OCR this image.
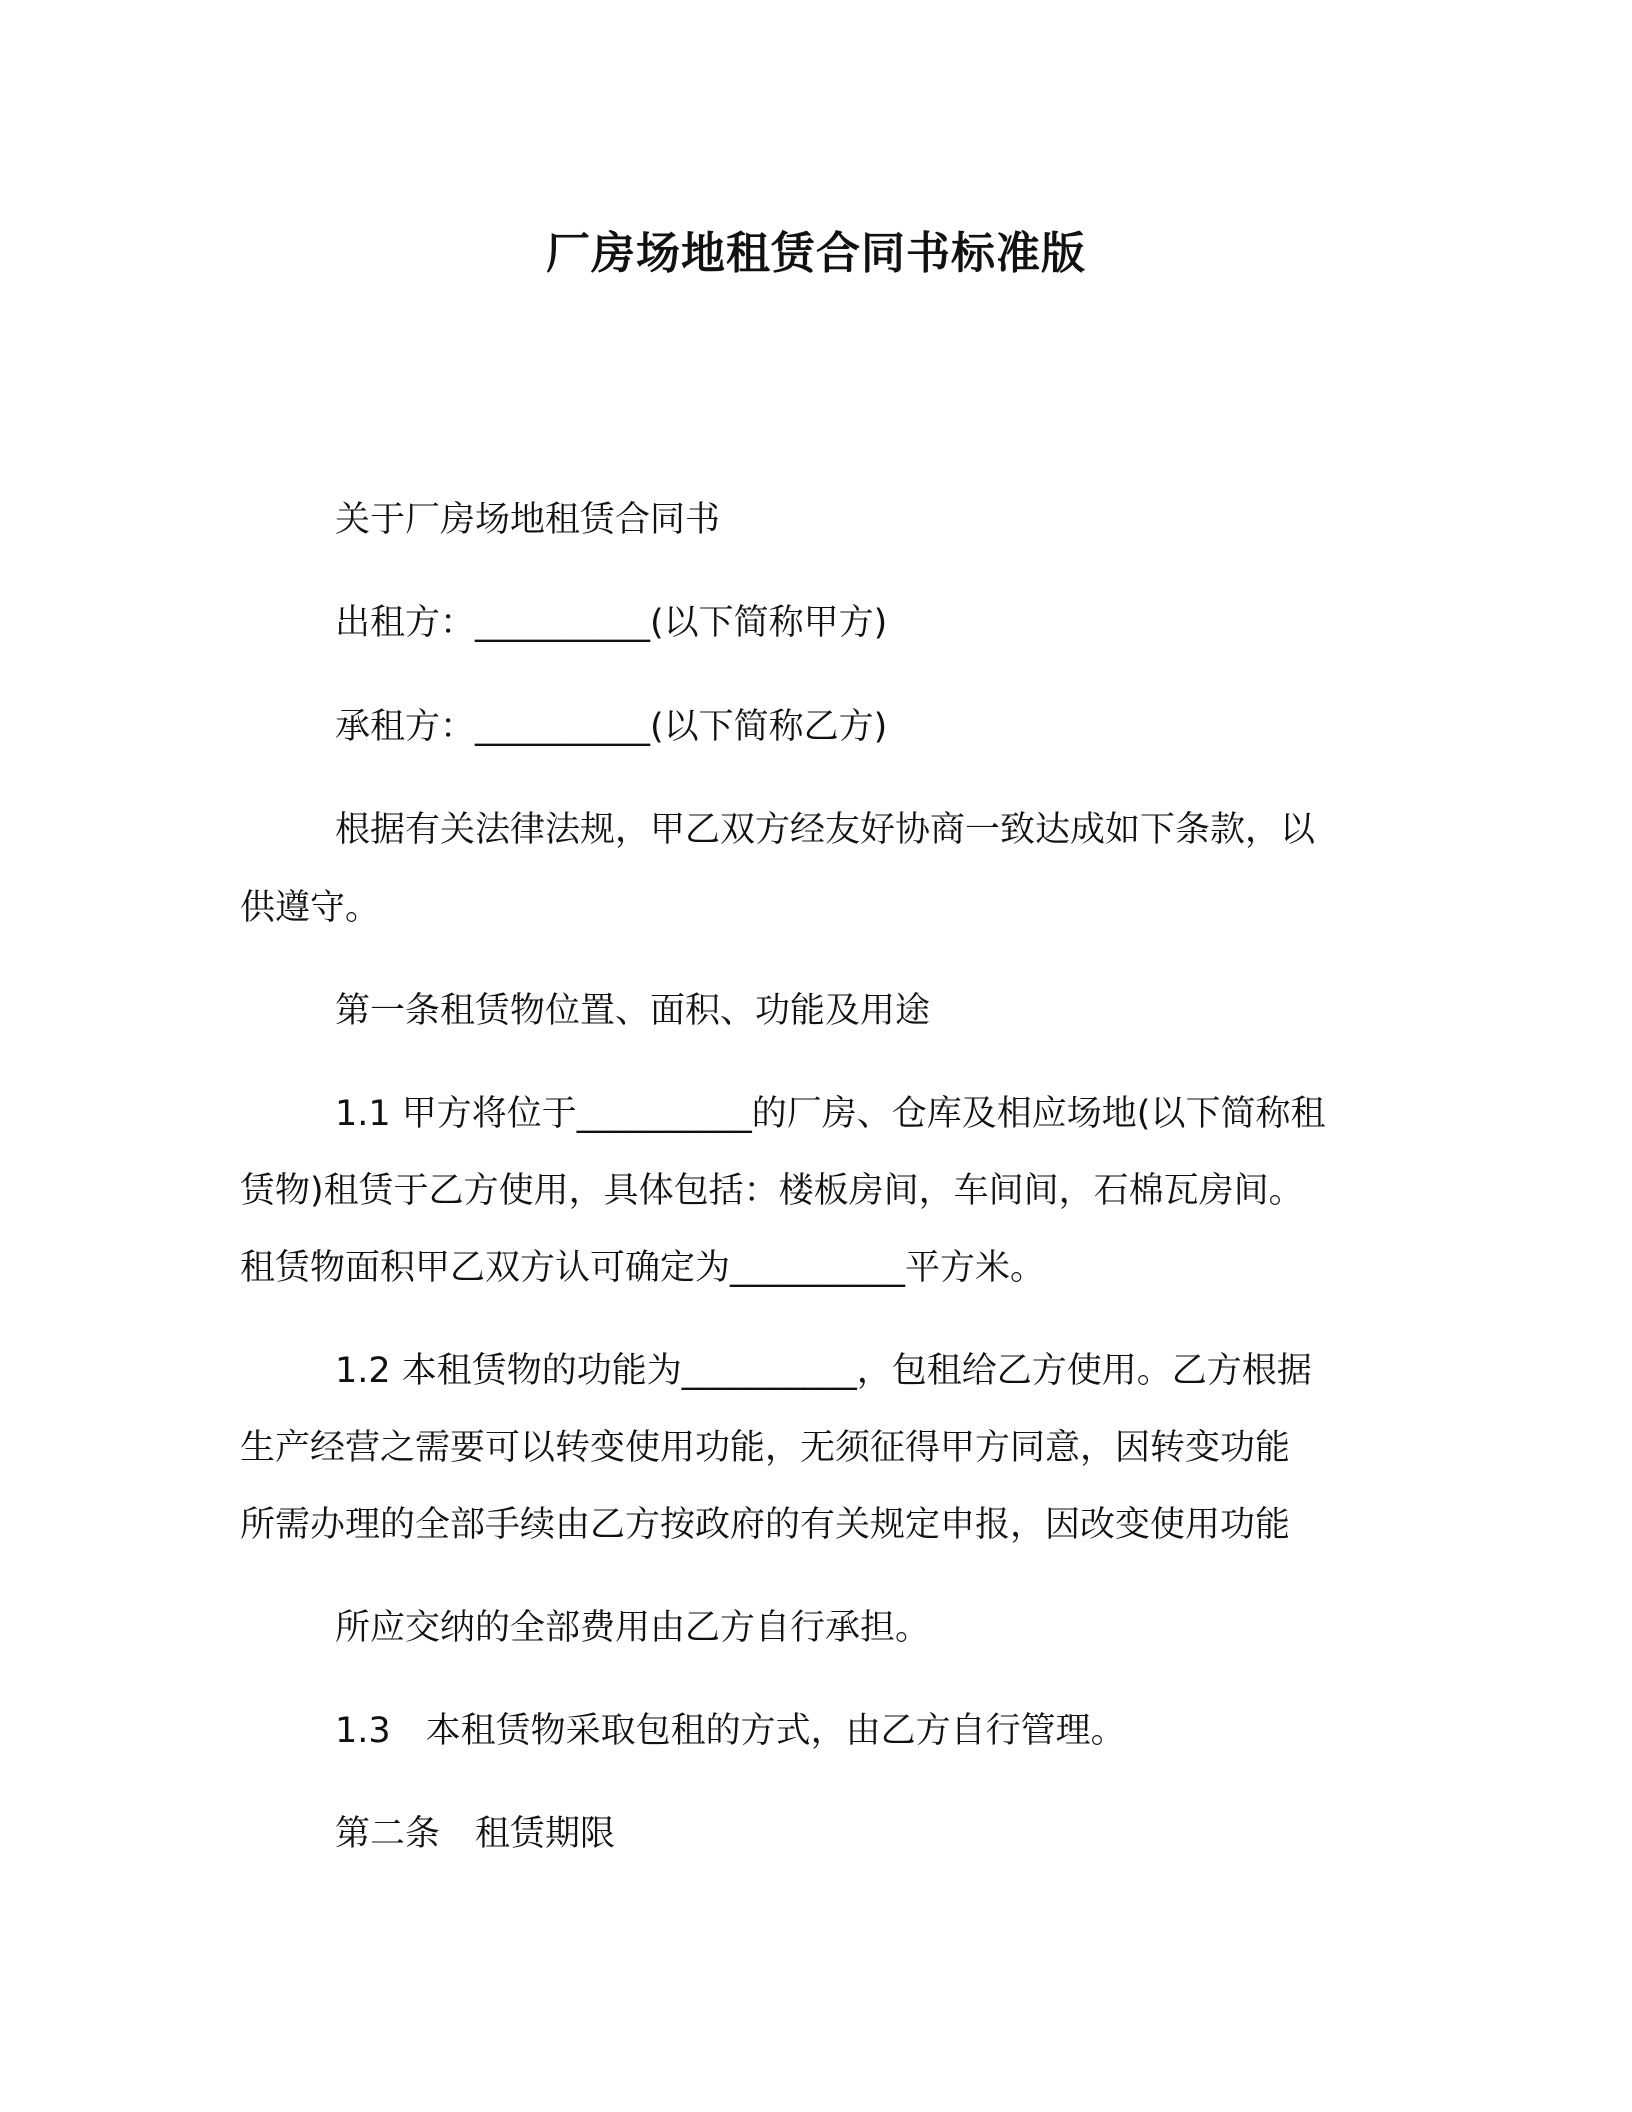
厂房场地租赁合同书标准版
关于厂房场地租赁合同书
出租方：__________(以下简称甲方)
承租方：__________(以下简称乙方)
根据有关法律法规，甲乙双方经友好协商一致达成如下条款，以
供遵守。
第一条租赁物位置、面积、功能及用途
1.1 甲方将位于__________的厂房、仓库及相应场地(以下简称租
赁物)租赁于乙方使用，具体包括：楼板房间，车间间，石棉瓦房间。
租赁物面积甲乙双方认可确定为__________平方米。
1.2 本租赁物的功能为__________，包租给乙方使用。乙方根据
生产经营之需要可以转变使用功能，无须征得甲方同意，因转变功能
所需办理的全部手续由乙方按政府的有关规定申报，因改变使用功能
所应交纳的全部费用由乙方自行承担。
1.3　本租赁物采取包租的方式，由乙方自行管理。
第二条　租赁期限
